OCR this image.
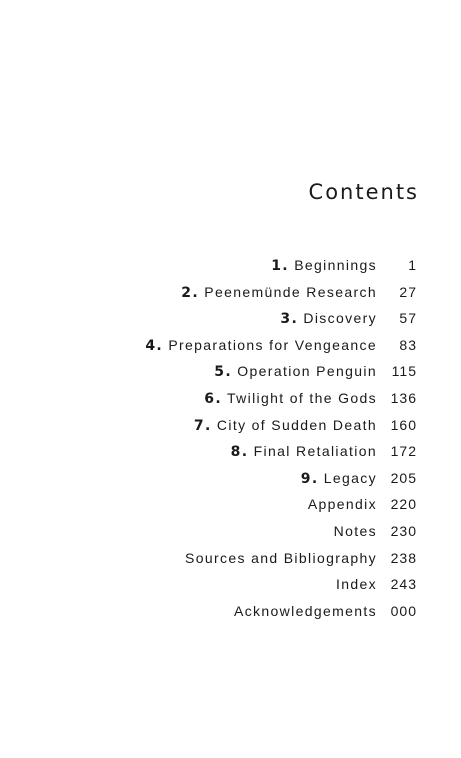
Contents
1. Beginnings 1
2. Peenemünde Research 27
3. Discovery 57
4. Preparations for Vengeance 83
5. Operation Penguin 115
6. Twilight of the Gods 136
7. City of Sudden Death 160
8. Final Retaliation 172
9. Legacy 205
Appendix 220
Notes 230
Sources and Bibliography 238
Index 243
Acknowledgements 000
